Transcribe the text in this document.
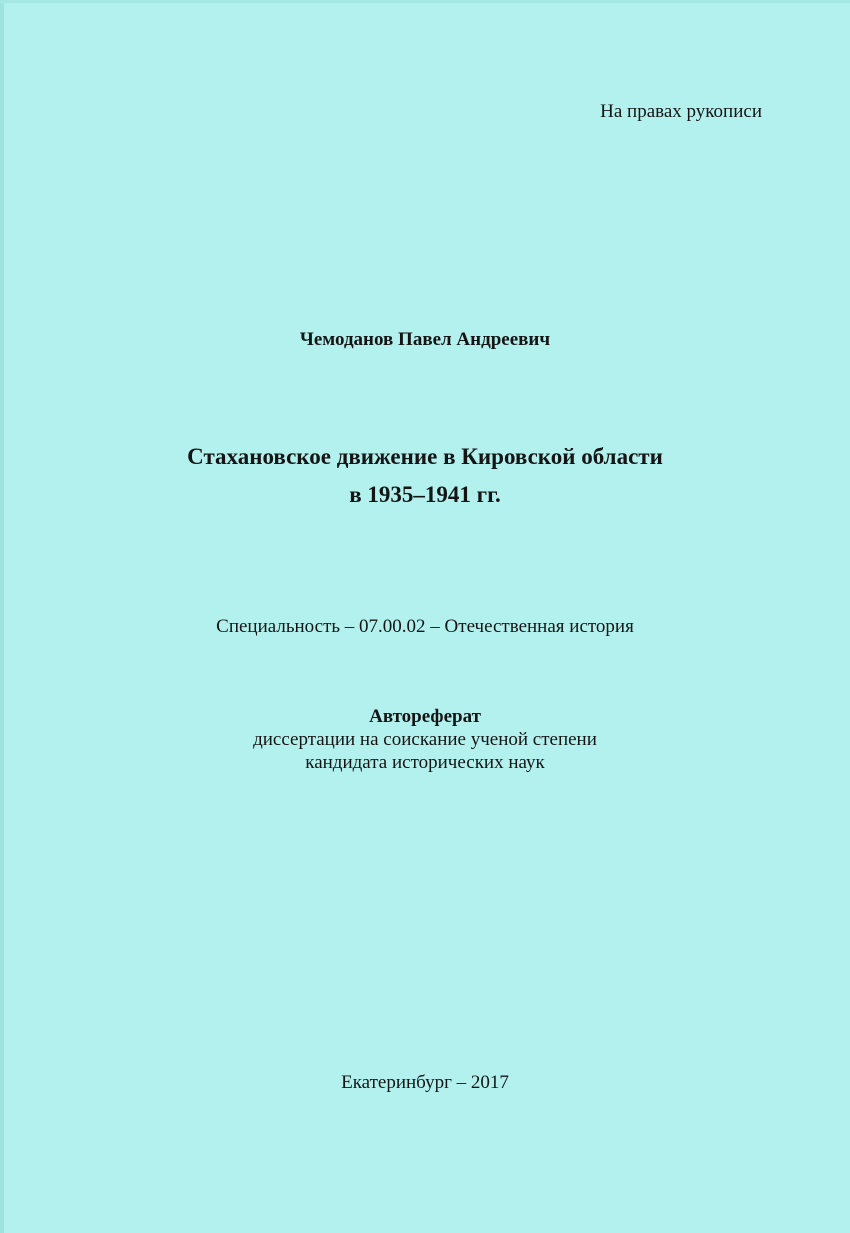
На правах рукописи
Чемоданов Павел Андреевич
Стахановское движение в Кировской области
в 1935–1941 гг.
Специальность – 07.00.02 – Отечественная история
Автореферат
диссертации на соискание ученой степени
кандидата исторических наук
Екатеринбург – 2017
